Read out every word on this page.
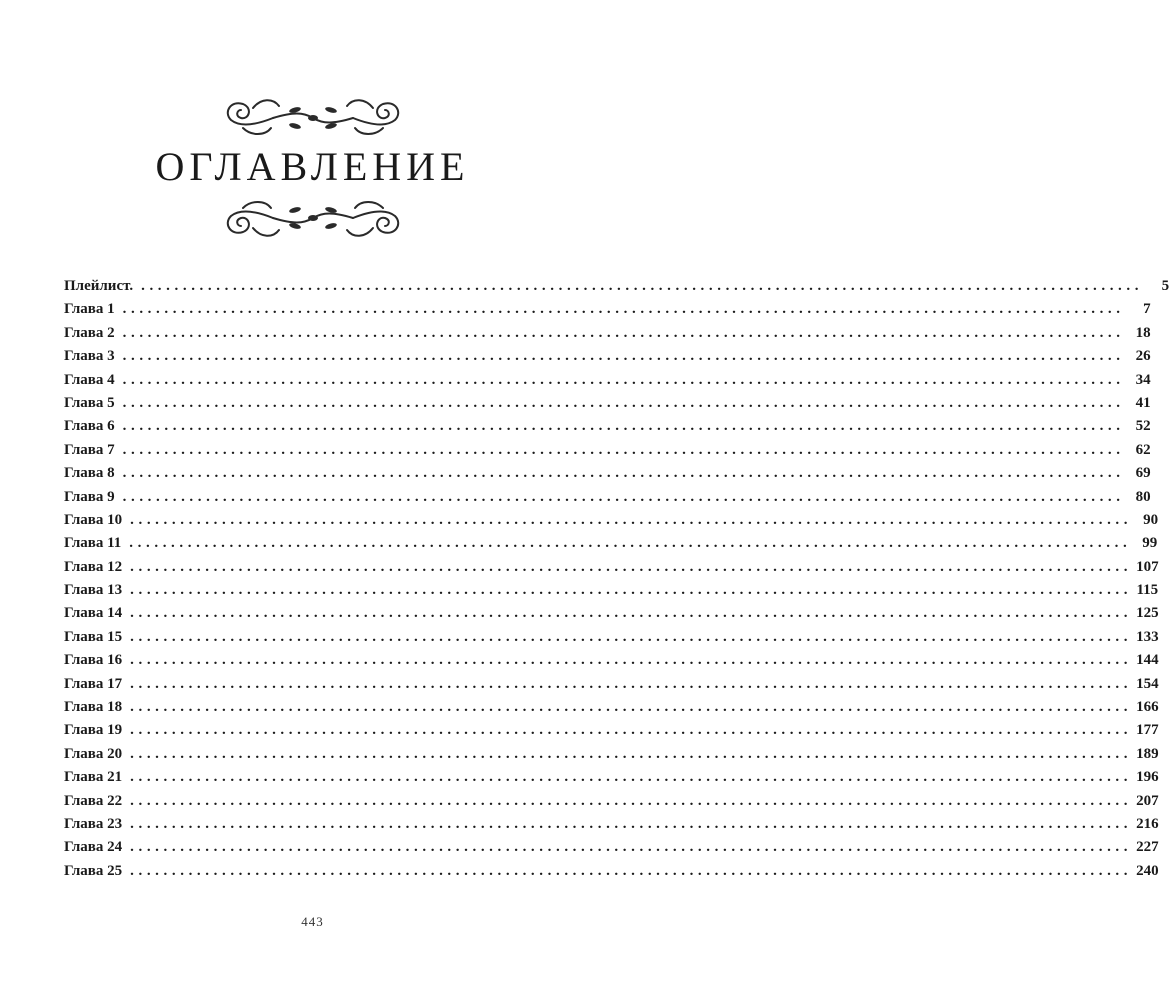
ОГЛАВЛЕНИЕ
Плейлист. ........................................................................................................................	5
Глава 1 ........................................................................................................................	7
Глава 2 ........................................................................................................................ 18
Глава 3 ........................................................................................................................ 26
Глава 4 ........................................................................................................................ 34
Глава 5 ........................................................................................................................ 41
Глава 6 ........................................................................................................................ 52
Глава 7 ........................................................................................................................ 62
Глава 8 ........................................................................................................................ 69
Глава 9 ........................................................................................................................ 80
Глава 10 ........................................................................................................................ 90
Глава 11 ........................................................................................................................ 99
Глава 12 ........................................................................................................................ 107
Глава 13 ........................................................................................................................ 115
Глава 14 ........................................................................................................................ 125
Глава 15 ........................................................................................................................ 133
Глава 16 ........................................................................................................................ 144
Глава 17 ........................................................................................................................ 154
Глава 18 ........................................................................................................................ 166
Глава 19 ........................................................................................................................ 177
Глава 20 ........................................................................................................................ 189
Глава 21 ........................................................................................................................ 196
Глава 22 ........................................................................................................................ 207
Глава 23 ........................................................................................................................ 216
Глава 24 ........................................................................................................................ 227
Глава 25 ........................................................................................................................ 240
443
